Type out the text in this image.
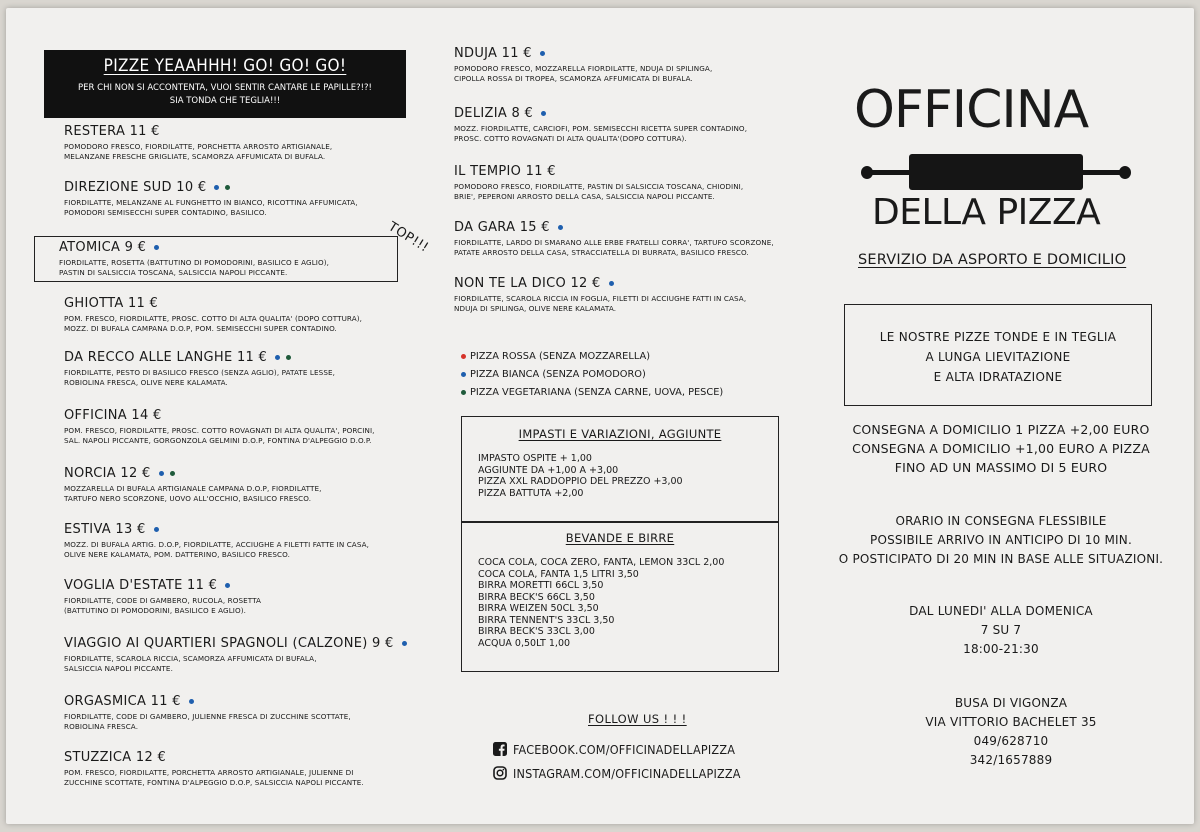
PIZZE YEAAHHH! GO! GO! GO!
PER CHI NON SI ACCONTENTA, VUOI SENTIR CANTARE LE PAPILLE?!?!
SIA TONDA CHE TEGLIA!!!
RESTERA 11 €
POMODORO FRESCO, FIORDILATTE, PORCHETTA ARROSTO ARTIGIANALE,
MELANZANE FRESCHE GRIGLIATE, SCAMORZA AFFUMICATA DI BUFALA.
DIREZIONE SUD 10 €
FIORDILATTE, MELANZANE AL FUNGHETTO IN BIANCO, RICOTTINA AFFUMICATA,
POMODORI SEMISECCHI SUPER CONTADINO, BASILICO.
ATOMICA 9 €
FIORDILATTE, ROSETTA (BATTUTINO DI POMODORINI, BASILICO E AGLIO),
PASTIN DI SALSICCIA TOSCANA, SALSICCIA NAPOLI PICCANTE.
GHIOTTA 11 €
POM. FRESCO, FIORDILATTE, PROSC. COTTO DI ALTA QUALITA' (DOPO COTTURA),
MOZZ. DI BUFALA CAMPANA D.O.P, POM. SEMISECCHI SUPER CONTADINO.
DA RECCO ALLE LANGHE 11 €
FIORDILATTE, PESTO DI BASILICO FRESCO (SENZA AGLIO), PATATE LESSE,
ROBIOLINA FRESCA, OLIVE NERE KALAMATA.
OFFICINA 14 €
POM. FRESCO, FIORDILATTE, PROSC. COTTO ROVAGNATI DI ALTA QUALITA', PORCINI,
SAL. NAPOLI PICCANTE, GORGONZOLA GELMINI D.O.P, FONTINA D'ALPEGGIO D.O.P.
NORCIA 12 €
MOZZARELLA DI BUFALA ARTIGIANALE CAMPANA D.O.P, FIORDILATTE,
TARTUFO NERO SCORZONE, UOVO ALL'OCCHIO, BASILICO FRESCO.
ESTIVA 13 €
MOZZ. DI BUFALA ARTIG. D.O.P, FIORDILATTE, ACCIUGHE A FILETTI FATTE IN CASA,
OLIVE NERE KALAMATA, POM. DATTERINO, BASILICO FRESCO.
VOGLIA D'ESTATE 11 €
FIORDILATTE, CODE DI GAMBERO, RUCOLA, ROSETTA
(BATTUTINO DI POMODORINI, BASILICO E AGLIO).
VIAGGIO AI QUARTIERI SPAGNOLI (CALZONE) 9 €
FIORDILATTE, SCAROLA RICCIA, SCAMORZA AFFUMICATA DI BUFALA,
SALSICCIA NAPOLI PICCANTE.
ORGASMICA 11 €
FIORDILATTE, CODE DI GAMBERO, JULIENNE FRESCA DI ZUCCHINE SCOTTATE,
ROBIOLINA FRESCA.
STUZZICA 12 €
POM. FRESCO, FIORDILATTE, PORCHETTA ARROSTO ARTIGIANALE, JULIENNE DI
ZUCCHINE SCOTTATE, FONTINA D'ALPEGGIO D.O.P, SALSICCIA NAPOLI PICCANTE.
TOP!!!
NDUJA 11 €
POMODORO FRESCO, MOZZARELLA FIORDILATTE, NDUJA DI SPILINGA,
CIPOLLA ROSSA DI TROPEA, SCAMORZA AFFUMICATA DI BUFALA.
DELIZIA 8 €
MOZZ. FIORDILATTE, CARCIOFI, POM. SEMISECCHI RICETTA SUPER CONTADINO,
PROSC. COTTO ROVAGNATI DI ALTA QUALITA'(DOPO COTTURA).
IL TEMPIO 11 €
POMODORO FRESCO, FIORDILATTE, PASTIN DI SALSICCIA TOSCANA, CHIODINI,
BRIE', PEPERONI ARROSTO DELLA CASA, SALSICCIA NAPOLI PICCANTE.
DA GARA 15 €
FIORDILATTE, LARDO DI SMARANO ALLE ERBE FRATELLI CORRA', TARTUFO SCORZONE,
PATATE ARROSTO DELLA CASA, STRACCIATELLA DI BURRATA, BASILICO FRESCO.
NON TE LA DICO 12 €
FIORDILATTE, SCAROLA RICCIA IN FOGLIA, FILETTI DI ACCIUGHE FATTI IN CASA,
NDUJA DI SPILINGA, OLIVE NERE KALAMATA.
PIZZA ROSSA (SENZA MOZZARELLA)
PIZZA BIANCA (SENZA POMODORO)
PIZZA VEGETARIANA (SENZA CARNE, UOVA, PESCE)
IMPASTI E VARIAZIONI, AGGIUNTE
IMPASTO OSPITE + 1,00
AGGIUNTE DA +1,00 A +3,00
PIZZA XXL RADDOPPIO DEL PREZZO +3,00
PIZZA BATTUTA +2,00
BEVANDE E BIRRE
COCA COLA, COCA ZERO, FANTA, LEMON 33CL 2,00
COCA COLA, FANTA 1,5 LITRI 3,50
BIRRA MORETTI 66CL 3,50
BIRRA BECK'S 66CL 3,50
BIRRA WEIZEN 50CL 3,50
BIRRA TENNENT'S 33CL 3,50
BIRRA BECK'S 33CL 3,00
ACQUA 0,50LT 1,00
FOLLOW US ! ! !
FACEBOOK.COM/OFFICINADELLAPIZZA
INSTAGRAM.COM/OFFICINADELLAPIZZA
OFFICINA
DELLA PIZZA
SERVIZIO DA ASPORTO E DOMICILIO
LE NOSTRE PIZZE TONDE E IN TEGLIA
A LUNGA LIEVITAZIONE
E ALTA IDRATAZIONE
CONSEGNA A DOMICILIO 1 PIZZA +2,00 EURO
CONSEGNA A DOMICILIO +1,00 EURO A PIZZA
FINO AD UN MASSIMO DI 5 EURO
ORARIO IN CONSEGNA FLESSIBILE
POSSIBILE ARRIVO IN ANTICIPO DI 10 MIN.
O POSTICIPATO DI 20 MIN IN BASE ALLE SITUAZIONI.
DAL LUNEDI' ALLA DOMENICA
7 SU 7
18:00-21:30
BUSA DI VIGONZA
VIA VITTORIO BACHELET 35
049/628710
342/1657889
